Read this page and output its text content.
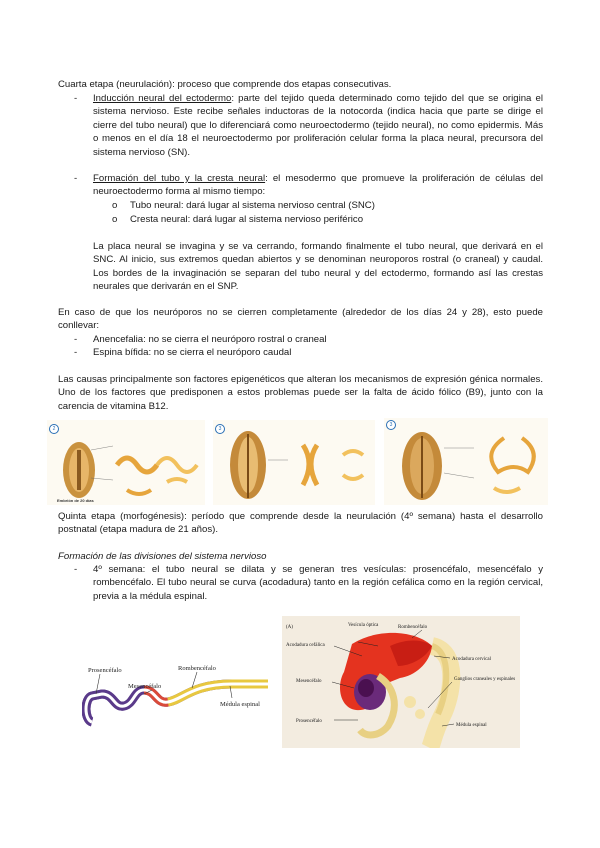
Cuarta etapa (neurulación): proceso que comprende dos etapas consecutivas.
- Inducción neural del ectodermo: parte del tejido queda determinado como tejido del que se origina el sistema nervioso. Este recibe señales inductoras de la notocorda (indica hacia que parte se dirige el cierre del tubo neural) que lo diferenciará como neuroectodermo (tejido neural), no como epidermis. Más o menos en el día 18 el neuroectodermo por proliferación celular forma la placa neural, precursora del sistema nervioso (SN).
- Formación del tubo y la cresta neural: el mesodermo que promueve la proliferación de células del neuroectodermo forma al mismo tiempo:
o Tubo neural: dará lugar al sistema nervioso central (SNC)
o Cresta neural: dará lugar al sistema nervioso periférico
La placa neural se invagina y se va cerrando, formando finalmente el tubo neural, que derivará en el SNC. Al inicio, sus extremos quedan abiertos y se denominan neuroporos rostral (o craneal) y caudal. Los bordes de la invaginación se separan del tubo neural y del ectodermo, formando así las crestas neurales que derivarán en el SNP.
En caso de que los neuróporos no se cierren completamente (alrededor de los días 24 y 28), esto puede conllevar:
- Anencefalia: no se cierra el neuróporo rostral o craneal
- Espina bífida: no se cierra el neuróporo caudal
Las causas principalmente son factores epigenéticos que alteran los mecanismos de expresión génica normales. Uno de los factores que predisponen a estos problemas puede ser la falta de ácido fólico (B9), junto con la carencia de vitamina B12.
2
Embrión de 20 días
3
3
Quinta etapa (morfogénesis): período que comprende desde la neurulación (4º semana) hasta el desarrollo postnatal (etapa madura de 21 años).
Formación de las divisiones del sistema nervioso
- 4º semana: el tubo neural se dilata y se generan tres vesículas: prosencéfalo, mesencéfalo y rombencéfalo. El tubo neural se curva (acodadura) tanto en la región cefálica como en la región cervical, previa a la médula espinal.
Prosencéfalo	Rombencéfalo
Mesencéfalo
Médula espinal
(A)	Vesícula óptica	Rombencéfalo
Acodadura cefálica
Acodadura cervical
Mesencéfalo	Ganglios craneales y espinales
Prosencéfalo
Médula espinal
